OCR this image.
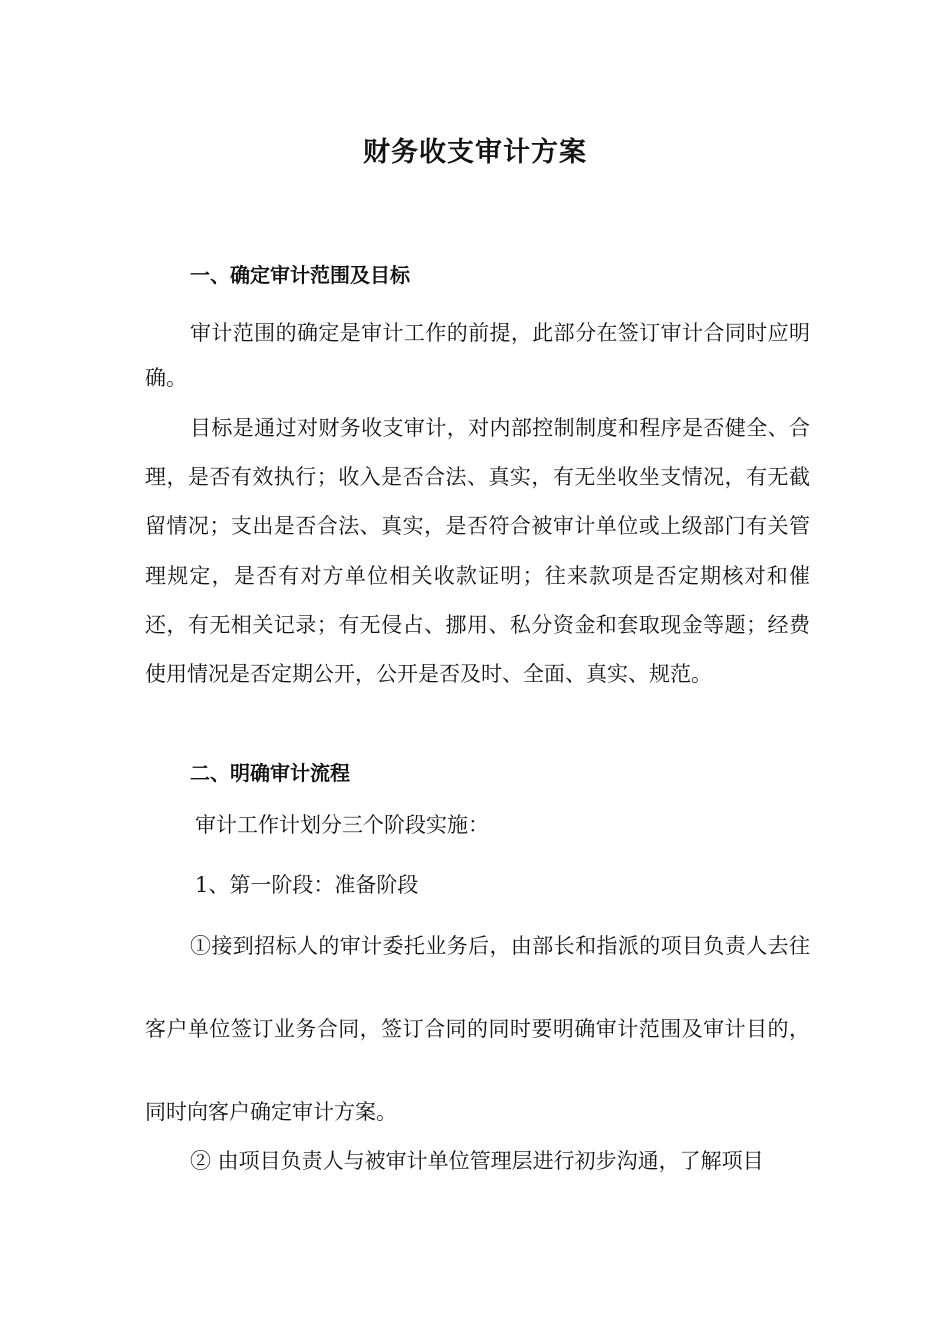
财务收支审计方案
一、确定审计范围及目标

审计范围的确定是审计工作的前提，此部分在签订审计合同时应明确。

目标是通过对财务收支审计，对内部控制制度和程序是否健全、合理，是否有效执行；收入是否合法、真实，有无坐收坐支情况，有无截留情况；支出是否合法、真实，是否符合被审计单位或上级部门有关管理规定，是否有对方单位相关收款证明；往来款项是否定期核对和催还，有无相关记录；有无侵占、挪用、私分资金和套取现金等题；经费使用情况是否定期公开，公开是否及时、全面、真实、规范。

二、明确审计流程
审计工作计划分三个阶段实施：
1、第一阶段：准备阶段

①接到招标人的审计委托业务后，由部长和指派的项目负责人去往客户单位签订业务合同，签订合同的同时要明确审计范围及审计目的，同时向客户确定审计方案。

② 由项目负责人与被审计单位管理层进行初步沟通，了解项目
